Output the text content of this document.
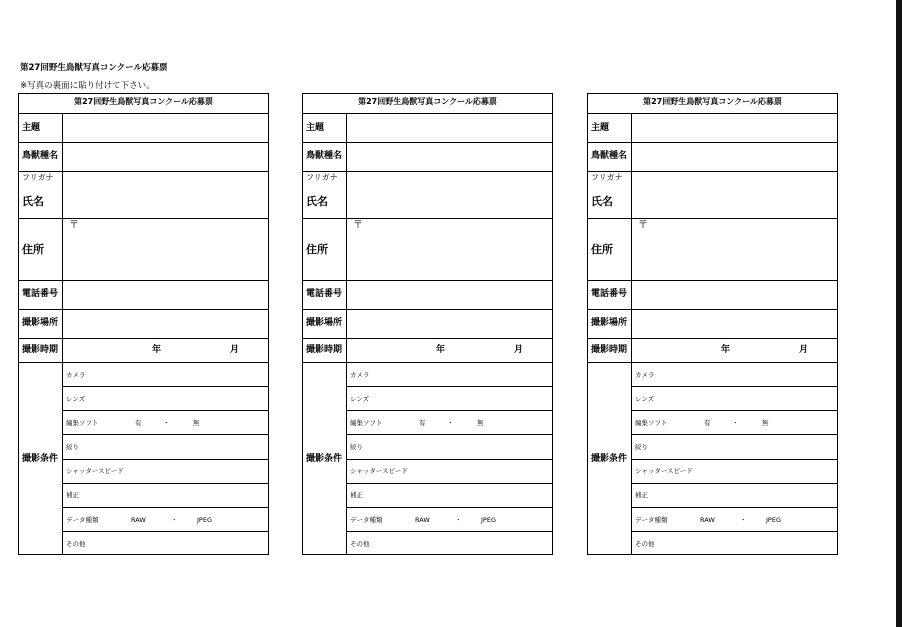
第27回野生鳥獣写真コンクール応募票
※写真の裏面に貼り付けて下さい。
第27回野生鳥獣写真コンクール応募票
主題
鳥獣種名
フリガナ
氏名
〒
住所
電話番号
撮影場所
撮影時期	年	月
撮影条件
カメラ
レンズ
編集ソフト	有	・	無
絞り
シャッタースピード
補正
データ種類	RAW	・	JPEG
その他
第27回野生鳥獣写真コンクール応募票
主題
鳥獣種名
フリガナ
氏名
〒
住所
電話番号
撮影場所
撮影時期	年	月
撮影条件
カメラ
レンズ
編集ソフト	有	・	無
絞り
シャッタースピード
補正
データ種類	RAW	・	JPEG
その他
第27回野生鳥獣写真コンクール応募票
主題
鳥獣種名
フリガナ
氏名
〒
住所
電話番号
撮影場所
撮影時期	年	月
撮影条件
カメラ
レンズ
編集ソフト	有	・	無
絞り
シャッタースピード
補正
データ種類	RAW	・	JPEG
その他
